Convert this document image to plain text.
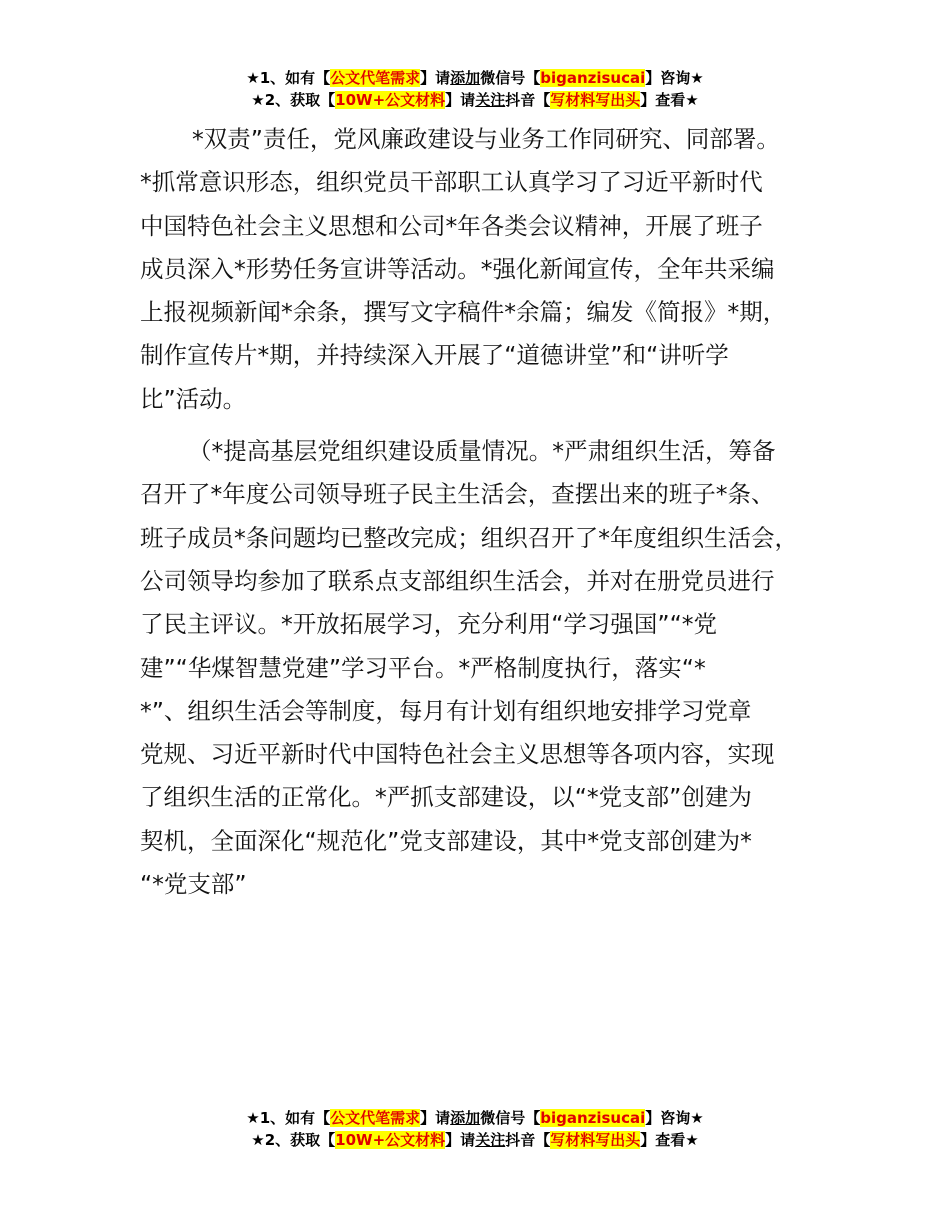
★1、如有【公文代笔需求】请添加微信号【biganzisucai】咨询★
★2、获取【10W+公文材料】请关注抖音【写材料写出头】查看★

*双责”责任，党风廉政建设与业务工作同研究、同部署。

*抓常意识形态，组织党员干部职工认真学习了习近平新时代

中国特色社会主义思想和公司*年各类会议精神，开展了班子

成员深入*形势任务宣讲等活动。*强化新闻宣传，全年共采编

上报视频新闻*余条，撰写文字稿件*余篇；编发《简报》*期，

制作宣传片*期，并持续深入开展了“道德讲堂”和“讲听学

比”活动。

（*提高基层党组织建设质量情况。*严肃组织生活，筹备

召开了*年度公司领导班子民主生活会，查摆出来的班子*条、

班子成员*条问题均已整改完成；组织召开了*年度组织生活会，

公司领导均参加了联系点支部组织生活会，并对在册党员进行

了民主评议。*开放拓展学习，充分利用“学习强国”“*党

建”“华煤智慧党建”学习平台。*严格制度执行，落实“*

*”、组织生活会等制度，每月有计划有组织地安排学习党章

党规、习近平新时代中国特色社会主义思想等各项内容，实现

了组织生活的正常化。*严抓支部建设，以“*党支部”创建为

契机，全面深化“规范化”党支部建设，其中*党支部创建为*

“*党支部”

★1、如有【公文代笔需求】请添加微信号【biganzisucai】咨询★
★2、获取【10W+公文材料】请关注抖音【写材料写出头】查看★
